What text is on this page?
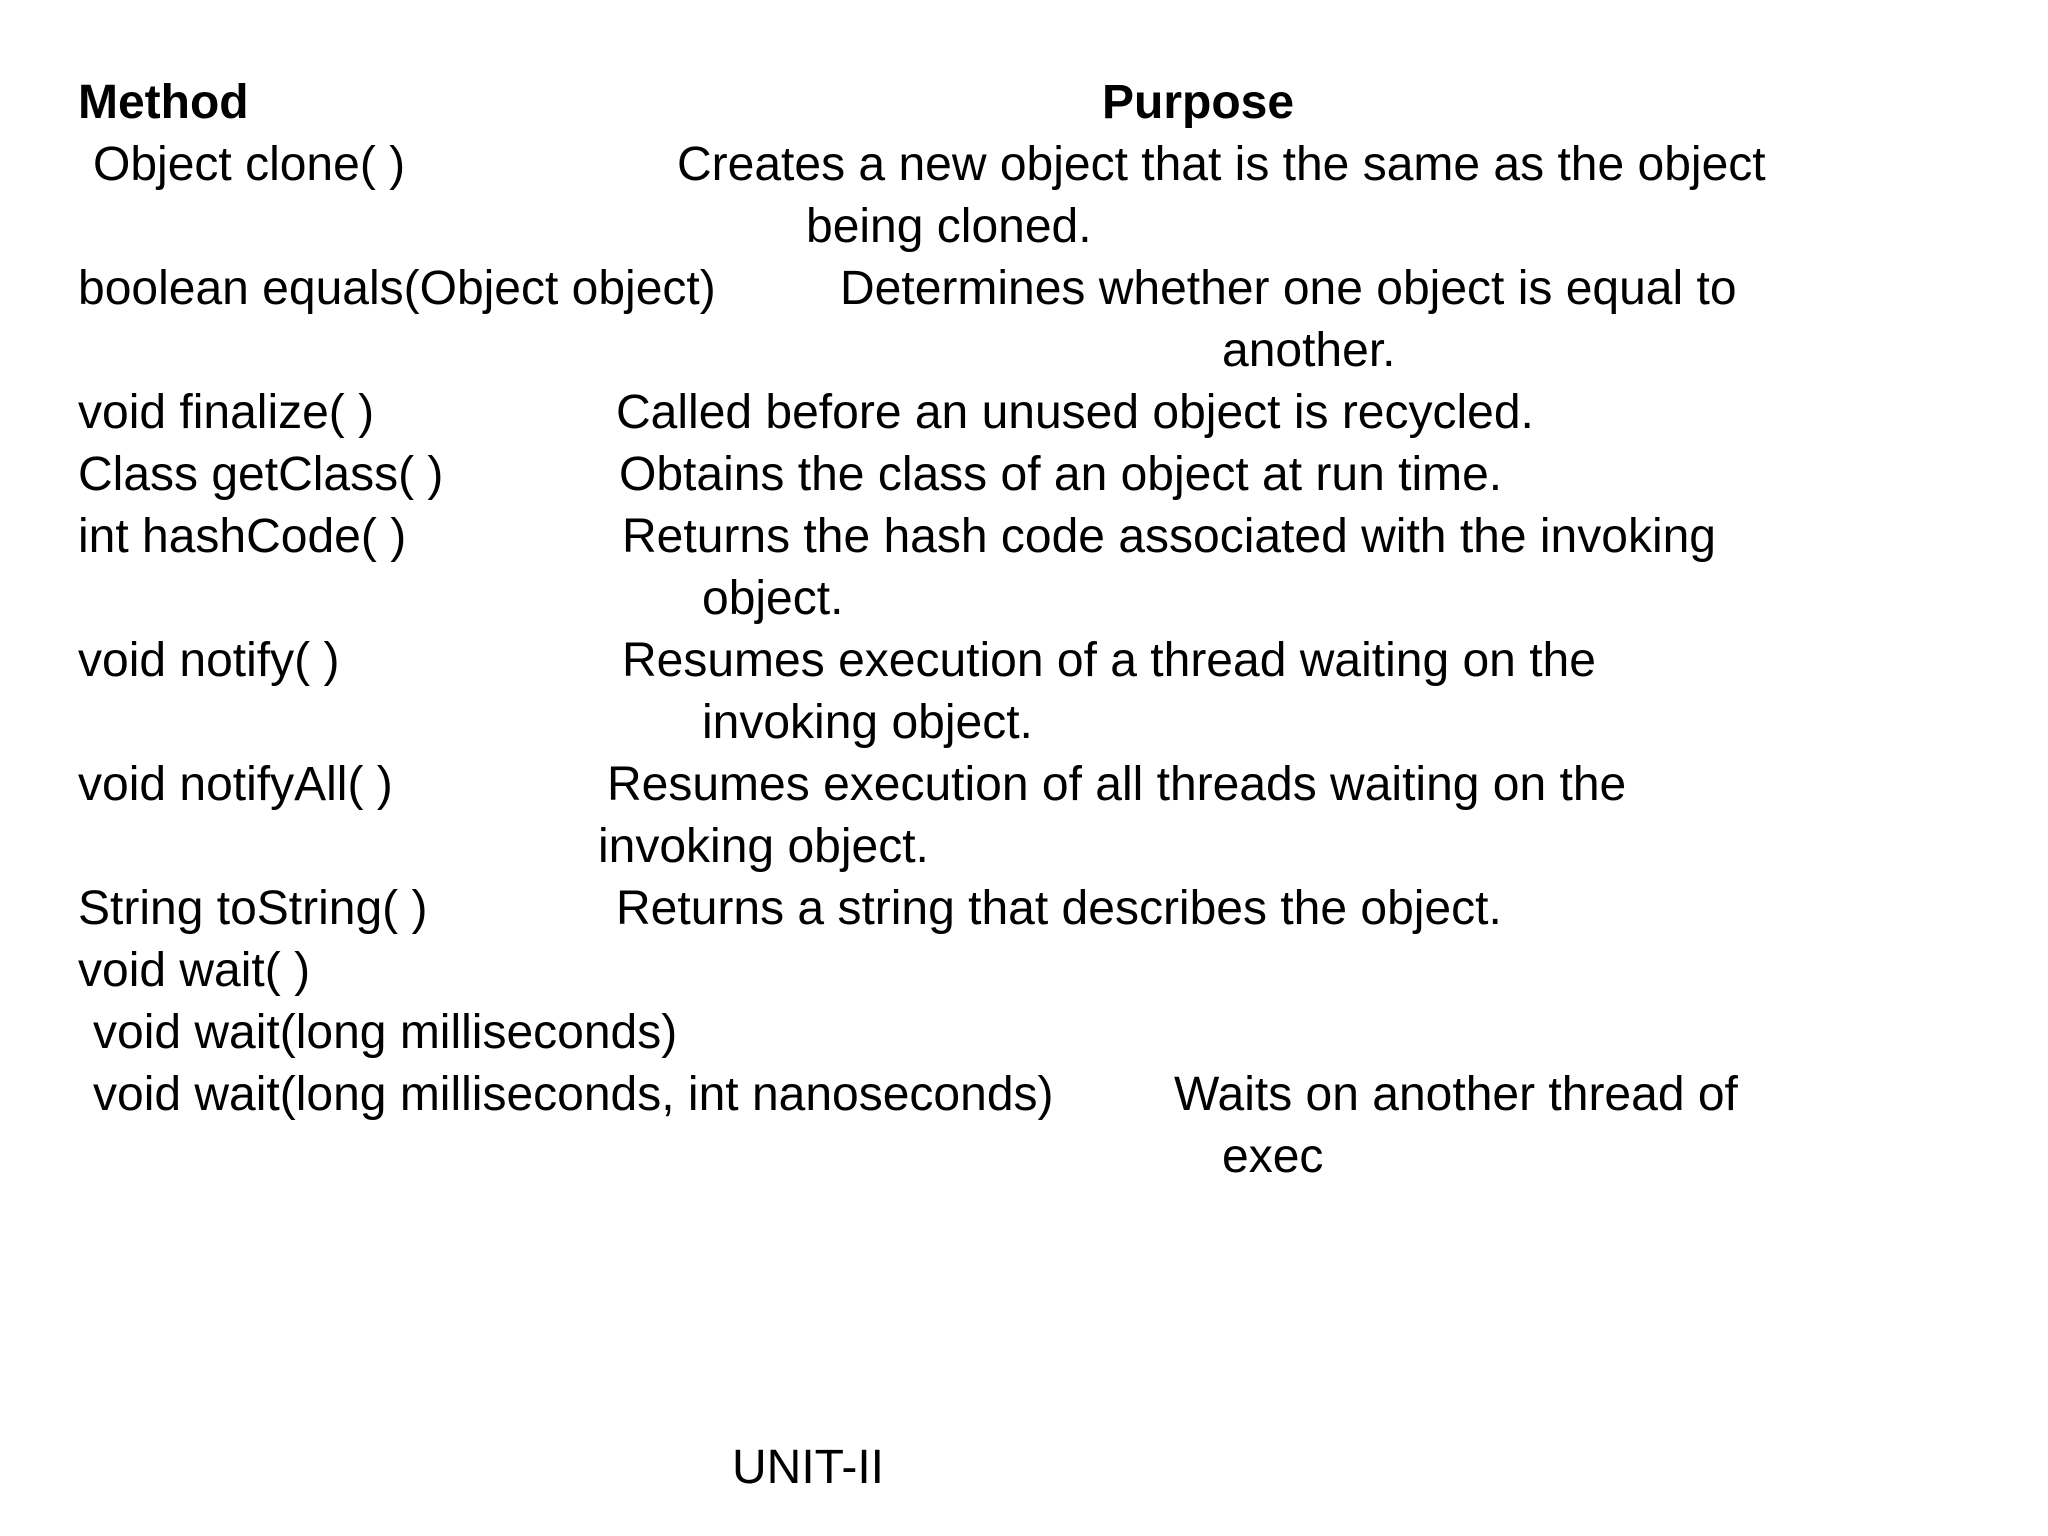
Method	Purpose
Object clone( )	Creates a new object that is the same as the object
being cloned.
boolean equals(Object object)	Determines whether one object is equal to
another.
void finalize( )	Called before an unused object is recycled.
Class getClass( )	Obtains the class of an object at run time.
int hashCode( )	Returns the hash code associated with the invoking
object.
void notify( )	Resumes execution of a thread waiting on the
invoking object.
void notifyAll( )	Resumes execution of all threads waiting on the
invoking object.
String toString( )	Returns a string that describes the object.
void wait( )
void wait(long milliseconds)
void wait(long milliseconds, int nanoseconds)	Waits on another thread of
exec
UNIT-II
